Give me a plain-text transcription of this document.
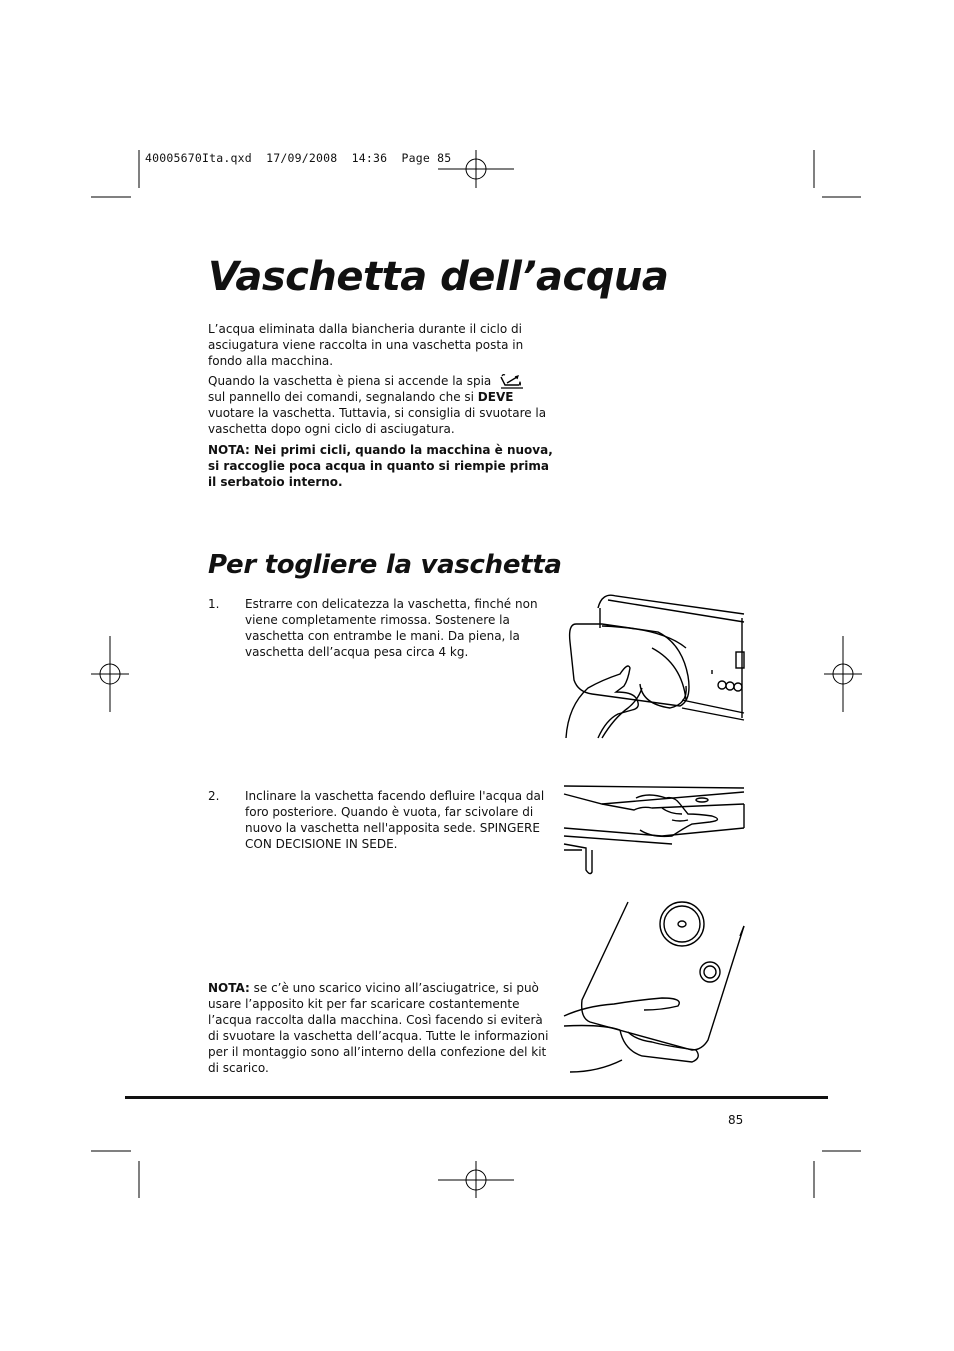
40005670Ita.qxd  17/09/2008  14:36  Page 85
Vaschetta dell’acqua
L’acqua eliminata dalla biancheria durante il ciclo di asciugatura viene raccolta in una vaschetta posta in fondo alla macchina.
Quando la vaschetta è piena si accende la spia
sul pannello dei comandi, segnalando che si DEVE vuotare la vaschetta. Tuttavia, si consiglia di svuotare la vaschetta dopo ogni ciclo di asciugatura.
NOTA: Nei primi cicli, quando la macchina è nuova, si raccoglie poca acqua in quanto si riempie prima il serbatoio interno.
Per togliere la vaschetta
1. Estrarre con delicatezza la vaschetta, finché non viene completamente rimossa. Sostenere la vaschetta con entrambe le mani. Da piena, la vaschetta dell’acqua pesa circa 4 kg.
2. Inclinare la vaschetta facendo defluire l'acqua dal foro posteriore. Quando è vuota, far scivolare di nuovo la vaschetta nell'apposita sede. SPINGERE CON DECISIONE IN SEDE.
NOTA: se c’è uno scarico vicino all’asciugatrice, si può usare l’apposito kit per far scaricare costantemente l’acqua raccolta dalla macchina. Così facendo si eviterà di svuotare la vaschetta dell’acqua. Tutte le informazioni per il montaggio sono all’interno della confezione del kit di scarico.
85
